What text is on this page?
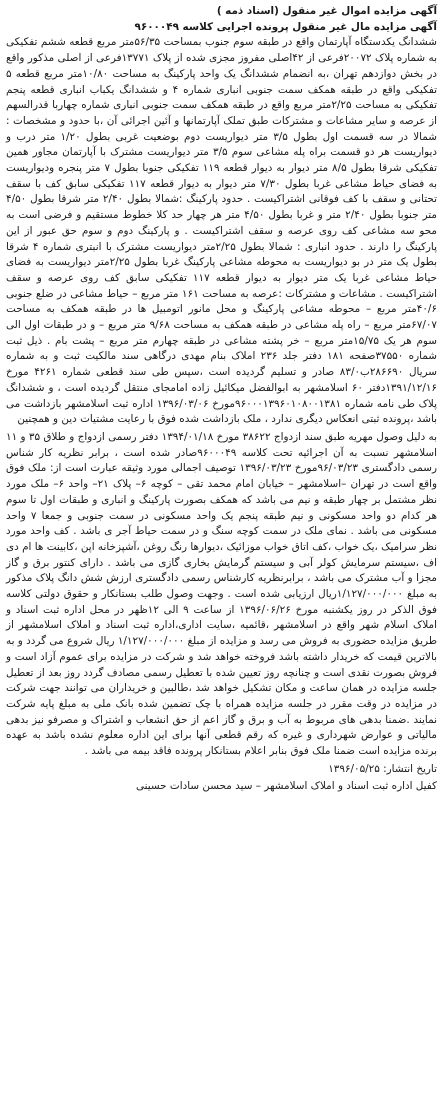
آگهی مزایده اموال غیر منقول (اسناد ذمه )

آگهی مزایده مال غیر منقول پرونده اجرایی کلاسه ۹۶۰۰۰۴۹

ششدانگ یکدستگاه آپارتمان واقع در طبقه سوم جنوب بمساحت ۵۶/۳۵متر مربع قطعه ششم تفکیکی به شماره پلاک ۲۰۰۷۲فرعی از ۴۲اصلی مفروز مجزی شده از پلاک ۱۳۷۷۱فرعی از اصلی مذکور واقع در بخش دوازدهم تهران ،به انضمام ششدانگ یک واحد پارکینگ به مساحت ۱۰/۸۰متر مربع قطعه ۵ تفکیکی واقع در طبقه همکف سمت جنوبی انباری شماره ۴ و ششدانگ یکباب انباری قطعه پنجم تفکیکی به مساحت ۲/۲۵متر مربع واقع در طبقه همکف سمت جنوبی انباری شماره چهاربا قدرالسهم از عرصه و سایر مشاعات و مشترکات طبق تملک آپارتمانها و آئین اجرائی آن ،با حدود و مشخصات : شمالا در سه قسمت اول بطول ۳/۵ متر دیواریست دوم بوضعیت غربی بطول ۱/۲۰ متر درب و دیواریست هر دو قسمت براه پله مشاعی سوم ۳/۵ متر دیواریست مشترک با آپارتمان مجاور همین تفکیکی شرقا بطول ۸/۵ متر دیوار به دیوار قطعه ۱۱۹ تفکیکی جنوبا بطول ۷ متر پنجره ودیواریست به فضای حیاط مشاعی غربا بطول ۷/۳۰ متر دیوار به دیوار قطعه ۱۱۷ تفکیکی سابق کف با سقف تحتانی و سقف با کف فوقانی اشتراکیست . حدود پارکینگ :شمالا بطول ۲/۴۰ متر شرقا بطول ۴/۵۰ متر جنوبا بطول ۲/۴۰ متر و غربا بطول ۴/۵۰ متر هر چهار حد کلا خطوط مستقیم و فرضی است به محو سه مشاعی کف روی عرصه و سقف اشتراکیست . و پارکینگ دوم و سوم حق عبور از این پارکینگ را دارند . حدود انباری : شمالا بطول ۲/۲۵متر دیواریست مشترک با انبتری شماره ۴ شرقا بطول یک متر در بو دیواریست به محوطه مشاعی پارکینگ غربا بطول ۲/۲۵متر دیواریست به فضای حیاط مشاعی غربا یک متر دیوار به دیوار قطعه ۱۱۷ تفکیکی سابق کف روی عرصه و سقف اشتراکیست . مشاعات و مشترکات :عرصه به مساحت ۱۶۱ متر مربع – حیاط مشاعی در ضلع جنوبی ۴۰/۶متر مربع – محوطه مشاعی پارکینگ و محل مانور اتومبیل ها در طبقه همکف به مساحت ۶۷/۰۷متر مربع – راه پله مشاعی در طبقه همکف به مساحت ۹/۶۸ متر مربع – و در طبقات اول الی سوم هر یک ۱۵/۷۵متر مربع – خر پشته مشاعی در طبقه چهارم متر مربع – پشت بام . ذیل ثبت شماره ۳۷۵۵۰صفحه ۱۸۱ دفتر جلد ۲۳۶ املاک بنام مهدی درگاهی سند مالکیت ثبت و به شماره سریال ۲۸۶۶۹۰ب۸۳/۰ صادر و تسلیم گردیده است ،سپس طی سند قطعی شماره ۴۲۶۱ مورخ ۱۳۹۱/۱۲/۱۶دفتر ۶۰ اسلامشهر به ابوالفضل میکائیل زاده امامجای منتقل گردیده است ، و ششدانگ پلاک طی نامه شماره ۹۶۰۰۰۱۳۹۶۰۱۰۸۰۰۱۳۸۱مورخ ۱۳۹۶/۰۳/۰۶ اداره ثبت اسلامشهر بازداشت می باشد ،پرونده ثبتی انعکاس دیگری ندارد ، ملک بازداشت شده فوق با رعایت مشتیات دین و همچنین

به دلیل وصول مهریه طبق سند ازدواج ۳۸۶۲۲ مورخ ۱۳۹۴/۰۱/۱۸ دفتر رسمی ازدواج و طلاق ۳۵ و ۱۱ اسلامشهر نسبت به آن اجرائیه تحت کلاسه ۹۶۰۰۰۴۹صادر شده است ، برابر نظریه کار شناس رسمی دادگستری ۹۶/۰۳/۲۳مورخ ۱۳۹۶/۰۳/۲۳ توصیف اجمالی مورد وثیقه عبارت است از: ملک فوق واقع است در تهران –اسلامشهر – خیابان امام محمد تقی – کوچه ۶– پلاک ۲۱– واحد ۶– ملک مورد نظر مشتمل بر چهار طبقه و نیم می باشد که همکف بصورت پارکینگ و انباری و طبقات اول تا سوم هر کدام دو واحد مسکونی و نیم طبقه پنجم یک واحد مسکونی در سمت جنوبی و جمعا ۷ واحد مسکونی می باشد . نمای ملک در سمت کوچه سنگ و در سمت حیاط آجر ی باشد . کف واحد مورد نظر سرامیک ،یک خواب ،کف اتاق خواب موزائیک ،دیوارها رنگ روغن ،آشپزخانه اپن ،کابینت ها ام دی اف ،سیستم سرمایش کولر آبی و سیستم گرمایش بخاری گازی می باشد . دارای کنتور برق و گاز مجزا و آب مشترک می باشد ، برابرنظریه کارشناس رسمی دادگستری ارزش شش دانگ پلاک مذکور به مبلغ ۱/۱۲۷/۰۰۰/۰۰۰ریال ارزیابی شده است . وجهت وصول طلب بستانکار و حقوق دولتی کلاسه فوق الذکر در روز یکشنبه مورخ ۱۳۹۶/۰۶/۲۶ از ساعت ۹ الی ۱۲ظهر در محل اداره ثبت اسناد و املاک اسلام شهر واقع در اسلامشهر ،قائمیه ،سایت اداری،اداره ثبت اسناد و املاک اسلامشهر از طریق مزایده حضوری به فروش می رسد و مزایده از مبلغ ۱/۱۲۷/۰۰۰/۰۰۰ ریال شروع می گردد و به بالاترین قیمت که خریدار داشته باشد فروخته خواهد شد و شرکت در مزایده برای عموم آزاد است و فروش بصورت نقدی است و چنانچه روز تعیین شده با تعطیل رسمی مصادف گردد روز بعد از تعطیل جلسه مزایده در همان ساعت و مکان تشکیل خواهد شد ،طالبین و خریداران می توانند جهت شرکت در مزایده در وقت مقرر در جلسه مزایده همراه با چک تضمین شده بانک ملی به مبلغ پایه شرکت نمایند .ضمنا بدهی های مربوط به آب و برق و گاز اعم از حق انشعاب و اشتراک و مصرفو نیز بدهی مالیاتی و عوارض شهرداری و غیره که رقم قطعی آنها برای این اداره معلوم نشده باشد به عهده برنده مزایده است ضمنا ملک فوق بنابر اعلام بستانکار پرونده فاقد بیمه می باشد .

تاریخ انتشار: ۱۳۹۶/۰۵/۲۵

کفیل اداره ثبت اسناد و املاک اسلامشهر – سید محسن سادات حسینی
